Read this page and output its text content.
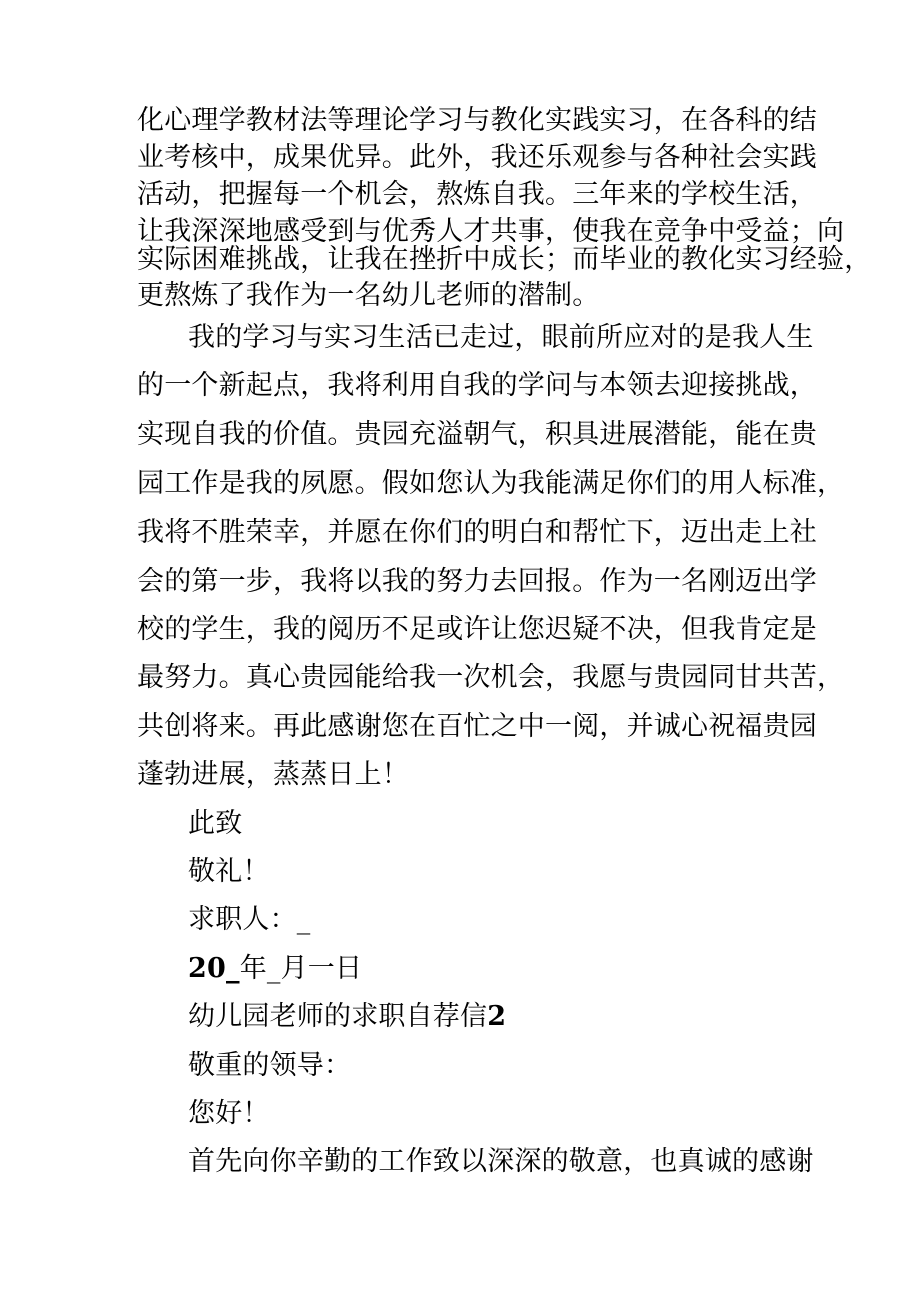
化心理学教材法等理论学习与教化实践实习，在各科的结
业考核中，成果优异。此外，我还乐观参与各种社会实践
活动，把握每一个机会，熬炼自我。三年来的学校生活，
让我深深地感受到与优秀人才共事，使我在竞争中受益；向
实际困难挑战，让我在挫折中成长；而毕业的教化实习经验，
更熬炼了我作为一名幼儿老师的潜制。
我的学习与实习生活已走过，眼前所应对的是我人生
的一个新起点，我将利用自我的学问与本领去迎接挑战，
实现自我的价值。贵园充溢朝气，积具进展潜能，能在贵
园工作是我的夙愿。假如您认为我能满足你们的用人标准，
我将不胜荣幸，并愿在你们的明白和帮忙下，迈出走上社
会的第一步，我将以我的努力去回报。作为一名刚迈出学
校的学生，我的阅历不足或许让您迟疑不决，但我肯定是
最努力。真心贵园能给我一次机会，我愿与贵园同甘共苦，
共创将来。再此感谢您在百忙之中一阅，并诚心祝福贵园
蓬勃进展，蒸蒸日上！
此致
敬礼！
求职人：_
20_年_月一日
幼儿园老师的求职自荐信2
敬重的领导：
您好！
首先向你辛勤的工作致以深深的敬意，也真诚的感谢
